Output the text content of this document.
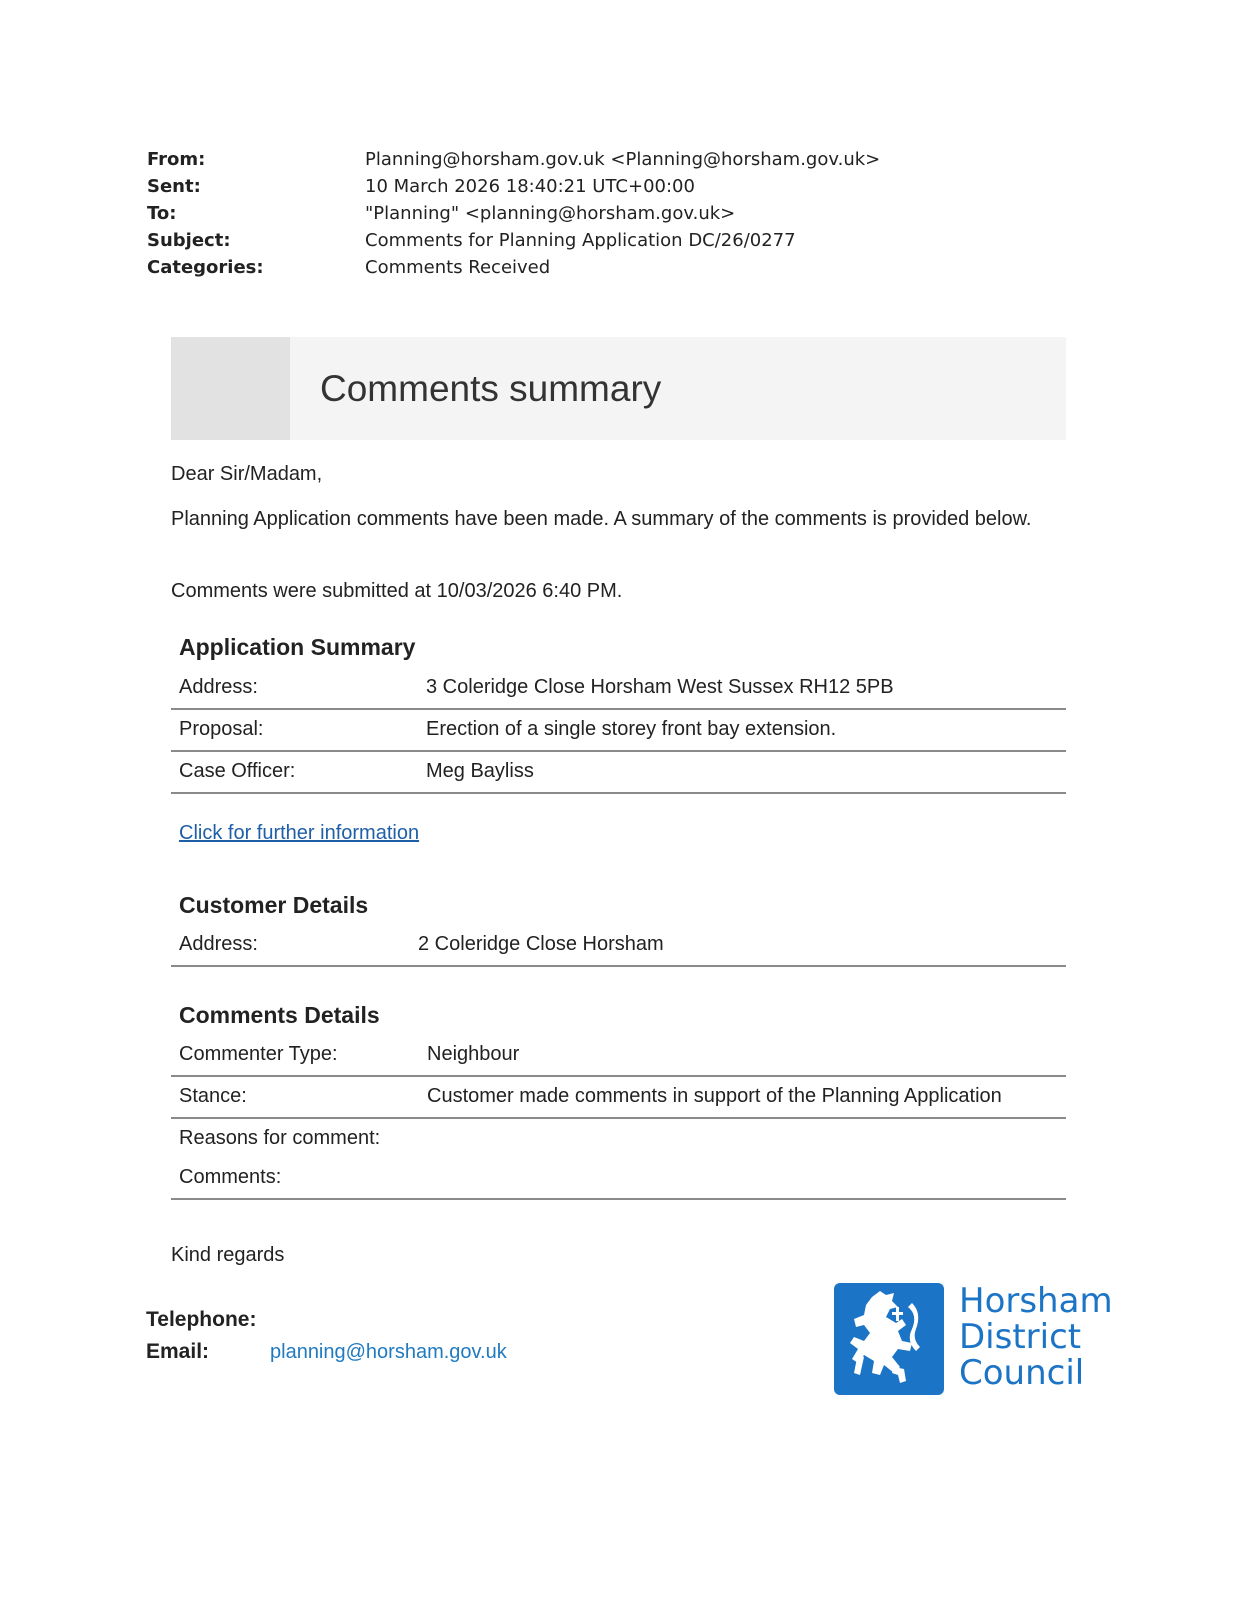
From:	Planning@horsham.gov.uk <Planning@horsham.gov.uk>
Sent:	10 March 2026 18:40:21 UTC+00:00
To:	"Planning" <planning@horsham.gov.uk>
Subject:	Comments for Planning Application DC/26/0277
Categories:	Comments Received
Comments summary
Dear Sir/Madam,
Planning Application comments have been made. A summary of the comments is provided below.
Comments were submitted at 10/03/2026 6:40 PM.
Application Summary
Address:	3 Coleridge Close Horsham West Sussex RH12 5PB
Proposal:	Erection of a single storey front bay extension.
Case Officer:	Meg Bayliss
Click for further information
Customer Details
Address:	2 Coleridge Close Horsham
Comments Details
Commenter Type:	Neighbour
Stance:	Customer made comments in support of the Planning Application
Reasons for comment:
Comments:
Kind regards
Telephone:
Email:	planning@horsham.gov.uk
Horsham
District
Council
